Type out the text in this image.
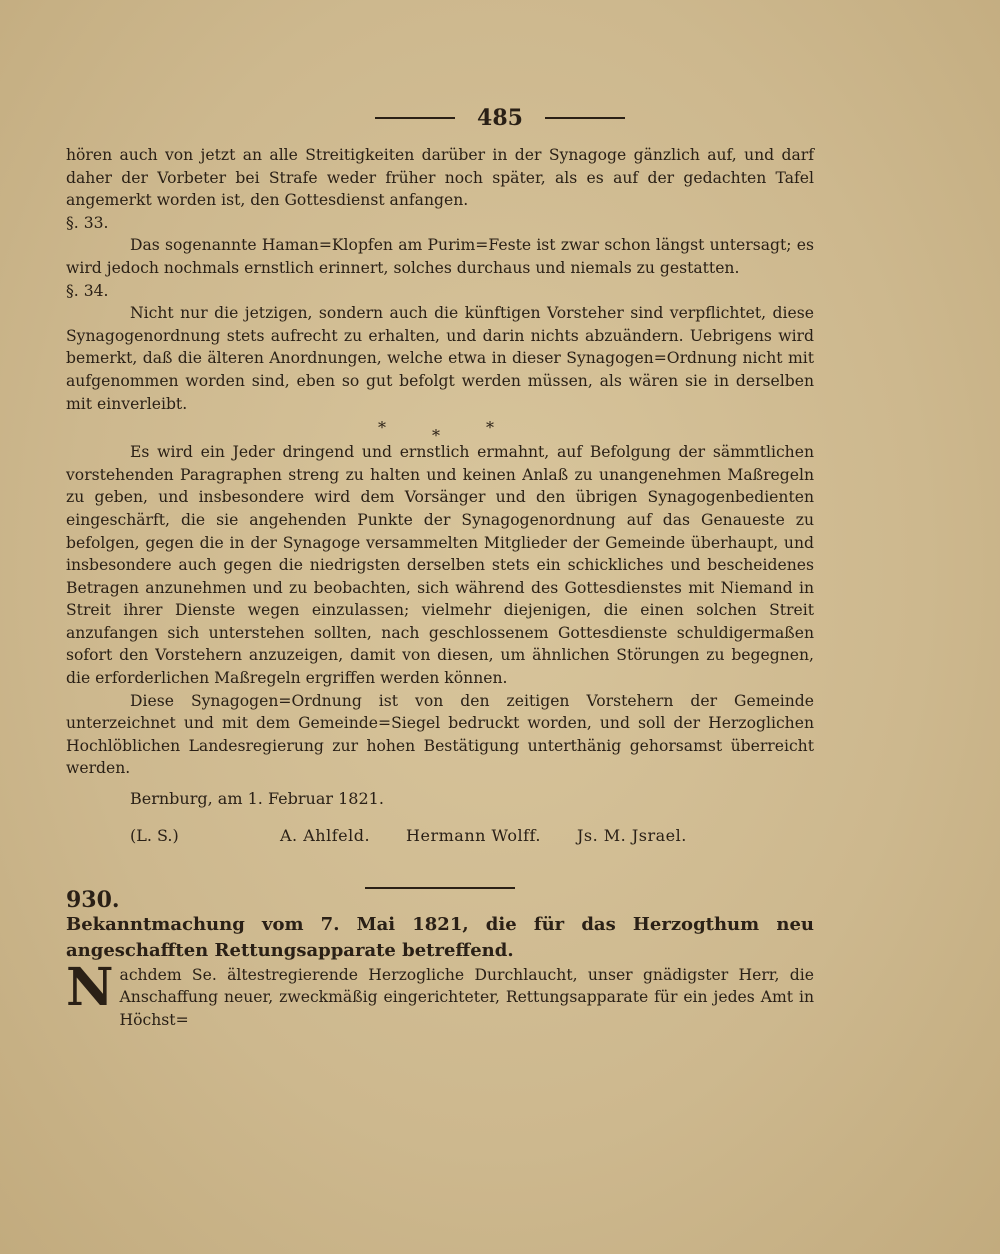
485

hören auch von jetzt an alle Streitigkeiten darüber in der Synagoge gänzlich auf, und darf daher der Vorbeter bei Strafe weder früher noch später, als es auf der gedachten Tafel angemerkt worden ist, den Gottesdienst anfangen.

§. 33.

Das sogenannte Haman=Klopfen am Purim=Feste ist zwar schon längst untersagt; es wird jedoch nochmals ernstlich erinnert, solches durchaus und niemals zu gestatten.

§. 34.

Nicht nur die jetzigen, sondern auch die künftigen Vorsteher sind verpflichtet, diese Synagogenordnung stets aufrecht zu erhalten, und darin nichts abzuändern. Uebrigens wird bemerkt, daß die älteren Anordnungen, welche etwa in dieser Synagogen=Ordnung nicht mit aufgenommen worden sind, eben so gut befolgt werden müssen, als wären sie in derselben mit einverleibt.

*	*	*

Es wird ein Jeder dringend und ernstlich ermahnt, auf Befolgung der sämmtlichen vorstehenden Paragraphen streng zu halten und keinen Anlaß zu unangenehmen Maßregeln zu geben, und insbesondere wird dem Vorsänger und den übrigen Synagogenbedienten eingeschärft, die sie angehenden Punkte der Synagogenordnung auf das Genaueste zu befolgen, gegen die in der Synagoge versammelten Mitglieder der Gemeinde überhaupt, und insbesondere auch gegen die niedrigsten derselben stets ein schickliches und bescheidenes Betragen anzunehmen und zu beobachten, sich während des Gottesdienstes mit Niemand in Streit ihrer Dienste wegen einzulassen; vielmehr diejenigen, die einen solchen Streit anzufangen sich unterstehen sollten, nach geschlossenem Gottesdienste schuldigermaßen sofort den Vorstehern anzuzeigen, damit von diesen, um ähnlichen Störungen zu begegnen, die erforderlichen Maßregeln ergriffen werden können.

Diese Synagogen=Ordnung ist von den zeitigen Vorstehern der Gemeinde unterzeichnet und mit dem Gemeinde=Siegel bedruckt worden, und soll der Herzoglichen Hochlöblichen Landesregierung zur hohen Bestätigung unterthänig gehorsamst überreicht werden.

Bernburg, am 1. Februar 1821.

(L. S.)	A. Ahlfeld. Hermann Wolff. Js. M. Jsrael.

930.

Bekanntmachung vom 7. Mai 1821, die für das Herzogthum neu angeschafften Rettungsapparate betreffend.

Nachdem Se. ältestregierende Herzogliche Durchlaucht, unser gnädigster Herr, die Anschaffung neuer, zweckmäßig eingerichteter, Rettungsapparate für ein jedes Amt in Höchst=
